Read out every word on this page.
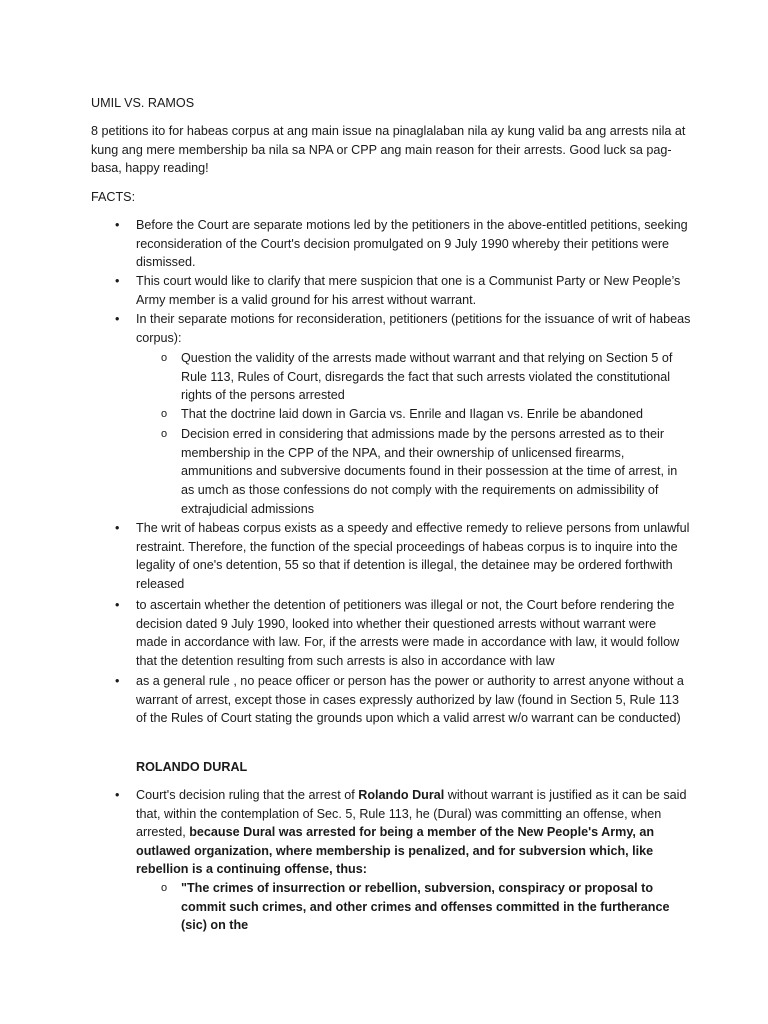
UMIL VS. RAMOS
8 petitions ito for habeas corpus at ang main issue na pinaglalaban nila ay kung valid ba ang arrests nila at kung ang mere membership ba nila sa NPA or CPP ang main reason for their arrests. Good luck sa pag-basa, happy reading!
FACTS:
• Before the Court are separate motions led by the petitioners in the above-entitled petitions, seeking reconsideration of the Court's decision promulgated on 9 July 1990 whereby their petitions were dismissed.
• This court would like to clarify that mere suspicion that one is a Communist Party or New People’s Army member is a valid ground for his arrest without warrant.
• In their separate motions for reconsideration, petitioners (petitions for the issuance of writ of habeas corpus):
o Question the validity of the arrests made without warrant and that relying on Section 5 of Rule 113, Rules of Court, disregards the fact that such arrests violated the constitutional rights of the persons arrested
o That the doctrine laid down in Garcia vs. Enrile and Ilagan vs. Enrile be abandoned
o Decision erred in considering that admissions made by the persons arrested as to their membership in the CPP of the NPA, and their ownership of unlicensed firearms, ammunitions and subversive documents found in their possession at the time of arrest, in as umch as those confessions do not comply with the requirements on admissibility of extrajudicial admissions
• The writ of habeas corpus exists as a speedy and effective remedy to relieve persons from unlawful restraint. Therefore, the function of the special proceedings of habeas corpus is to inquire into the legality of one's detention, 55 so that if detention is illegal, the detainee may be ordered forthwith released
• to ascertain whether the detention of petitioners was illegal or not, the Court before rendering the decision dated 9 July 1990, looked into whether their questioned arrests without warrant were made in accordance with law. For, if the arrests were made in accordance with law, it would follow that the detention resulting from such arrests is also in accordance with law
• as a general rule , no peace officer or person has the power or authority to arrest anyone without a warrant of arrest, except those in cases expressly authorized by law (found in Section 5, Rule 113 of the Rules of Court stating the grounds upon which a valid arrest w/o warrant can be conducted)
ROLANDO DURAL
• Court's decision ruling that the arrest of Rolando Dural without warrant is justified as it can be said that, within the contemplation of Sec. 5, Rule 113, he (Dural) was committing an offense, when arrested, because Dural was arrested for being a member of the New People's Army, an outlawed organization, where membership is penalized, and for subversion which, like rebellion is a continuing offense, thus:
o "The crimes of insurrection or rebellion, subversion, conspiracy or proposal to commit such crimes, and other crimes and offenses committed in the furtherance (sic) on the
